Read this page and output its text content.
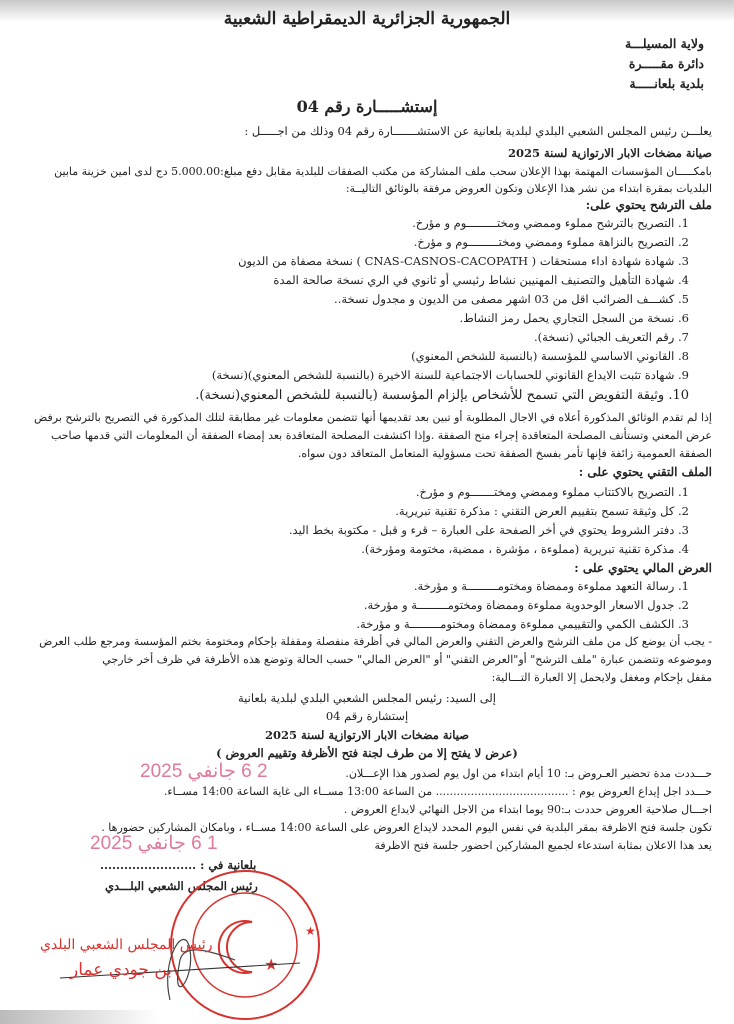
الجمهورية الجزائرية الديمقراطية الشعبية
ولاية المسيلـــة
دائرة مقـــــرة
بلدية بلعانـــــة
إستشـــــارة رقم 04
يعلـــن رئيس المجلس الشعبي البلدي لبلدية بلعانية عن الاستشـــــــارة رقم 04 وذلك من اجـــــل :
صيانة مضخات الابار الارتوازية لسنة 2025
بامكـــــان المؤسسات المهتمة بهذا الإعلان سحب ملف المشاركة من مكتب الصفقات للبلدية مقابل دفع مبلغ:5.000.00 دج لدى امين خزينة مابين
البلديات بمقرة ابتداء من نشر هذا الإعلان وتكون العروض مرفقة بالوثائق التاليــة:
ملف الترشح يحتوي على:
1. التصريح بالترشح مملوء وممضي ومختـــــــــوم و مؤرخ.
2. التصريح بالنزاهة مملوء وممضي ومختـــــــــوم و مؤرخ.
3. شهادة شهادة اداء مستحقات ( CNAS-CASNOS-CACOPATH ) نسخة مصفاة من الديون
4. شهادة التأهيل والتصنيف المهنيين نشاط رئيسي أو ثانوي في الري نسخة صالحة المدة
5. كشـــف الضرائب اقل من 03 اشهر مصفى من الديون و مجدول نسخة..
6. نسخة من السجل التجاري يحمل رمز النشاط.
7. رقم التعريف الجبائي (نسخة).
8. القانوني الاساسي للمؤسسة (بالنسبة للشخص المعنوي)
9. شهادة تثبت الايداع القانوني للحسابات الاجتماعية للسنة الاخيرة (بالنسبة للشخص المعنوي)(نسخة)
10. وثيقة التفويض التي تسمح للأشخاص بإلزام المؤسسة (بالنسبة للشخص المعنوي(نسخة).
إذا لم تقدم الوثائق المذكورة أعلاه في الاجال المطلوبة أو تبين بعد تقديمها أنها تتضمن معلومات غير مطابقة لتلك المذكورة في التصريح بالترشح برفض
عرض المعني وتستأنف المصلحة المتعاقدة إجراء منح الصفقة .وإذا اكتشفت المصلحة المتعاقدة بعد إمضاء الصفقة أن المعلومات التي قدمها صاحب
الصفقة العمومية زائفة فإنها تأمر بفسخ الصفقة تحت مسؤولية المتعامل المتعاقد دون سواه.
الملف التقني يحتوي على :
1. التصريح بالاكتتاب مملوء وممضي ومختـــــــوم و مؤرخ.
2. كل وثيقة تسمح بتقييم العرض التقني : مذكرة تقنية تبريرية.
3. دفتر الشروط يحتوي في أخر الصفحة على العبارة – قرء و قبل - مكتوبة بخط اليد.
4. مذكرة تقنية تبريرية (مملوءة ، مؤشرة ، ممضية، مختومة ومؤرخة).
العرض المالي يحتوي على :
1. رسالة التعهد مملوءة وممضاة ومختومـــــــــة و مؤرخة.
2. جدول الاسعار الوحدوية مملوءة وممضاة ومختومـــــــــة و مؤرخة.
3. الكشف الكمي والتقييمي مملوءة وممضاة ومختومـــــــــة و مؤرخة.
- يجب أن يوضع كل من ملف الترشح والعرض التقني والعرض المالي في أظرفة منفصلة ومقفلة بإحكام ومختومة بختم المؤسسة ومرجع طلب العرض
وموضوعه وتتضمن عبارة "ملف الترشح" أو"العرض التقني" أو "العرض المالي" حسب الحالة وتوضع هذه الأظرفة في ظرف أخر خارجي
مقفل بإحكام ومغفل ولايحمل إلا العبارة التـــالية:
إلى السيد: رئيس المجلس الشعبي البلدي لبلدية بلعانية
إستشارة رقم 04
صيانة مضخات الابار الارتوازية لسنة 2025
(عرض لا يفتح إلا من طرف لجنة فتح الأظرفة وتقييم العروض )
حـــددت مدة تحضير العـروض بـ: 10 أيام ابتداء من اول يوم لصدور هذا الإعـــلان.
حـــدد اجل إيداع العروض يوم : ...................................... من الساعة 13:00 مســاء الى غاية الساعة 14:00 مســاء.
اجـــال صلاحية العروض حددت بـ:90 يوما ابتداء من الاجل النهائي لايداع العروض .
تكون جلسة فتح الاظرفة بمقر البلدية في نفس اليوم المحدد لايداع العروض على الساعة 14:00 مســاء ، وبامكان المشاركين حضورها .
يعد هذا الاعلان بمثابة استدعاء لجميع المشاركين احضور جلسة فتح الاظرفة
2 6 جانفي 2025
1 6 جانفي 2025
بلعانية في : ........................
رئيس المجلس الشعبي البلـــدي
★
★
رئيس المجلس الشعبي البلدي
بن جودي عمار
